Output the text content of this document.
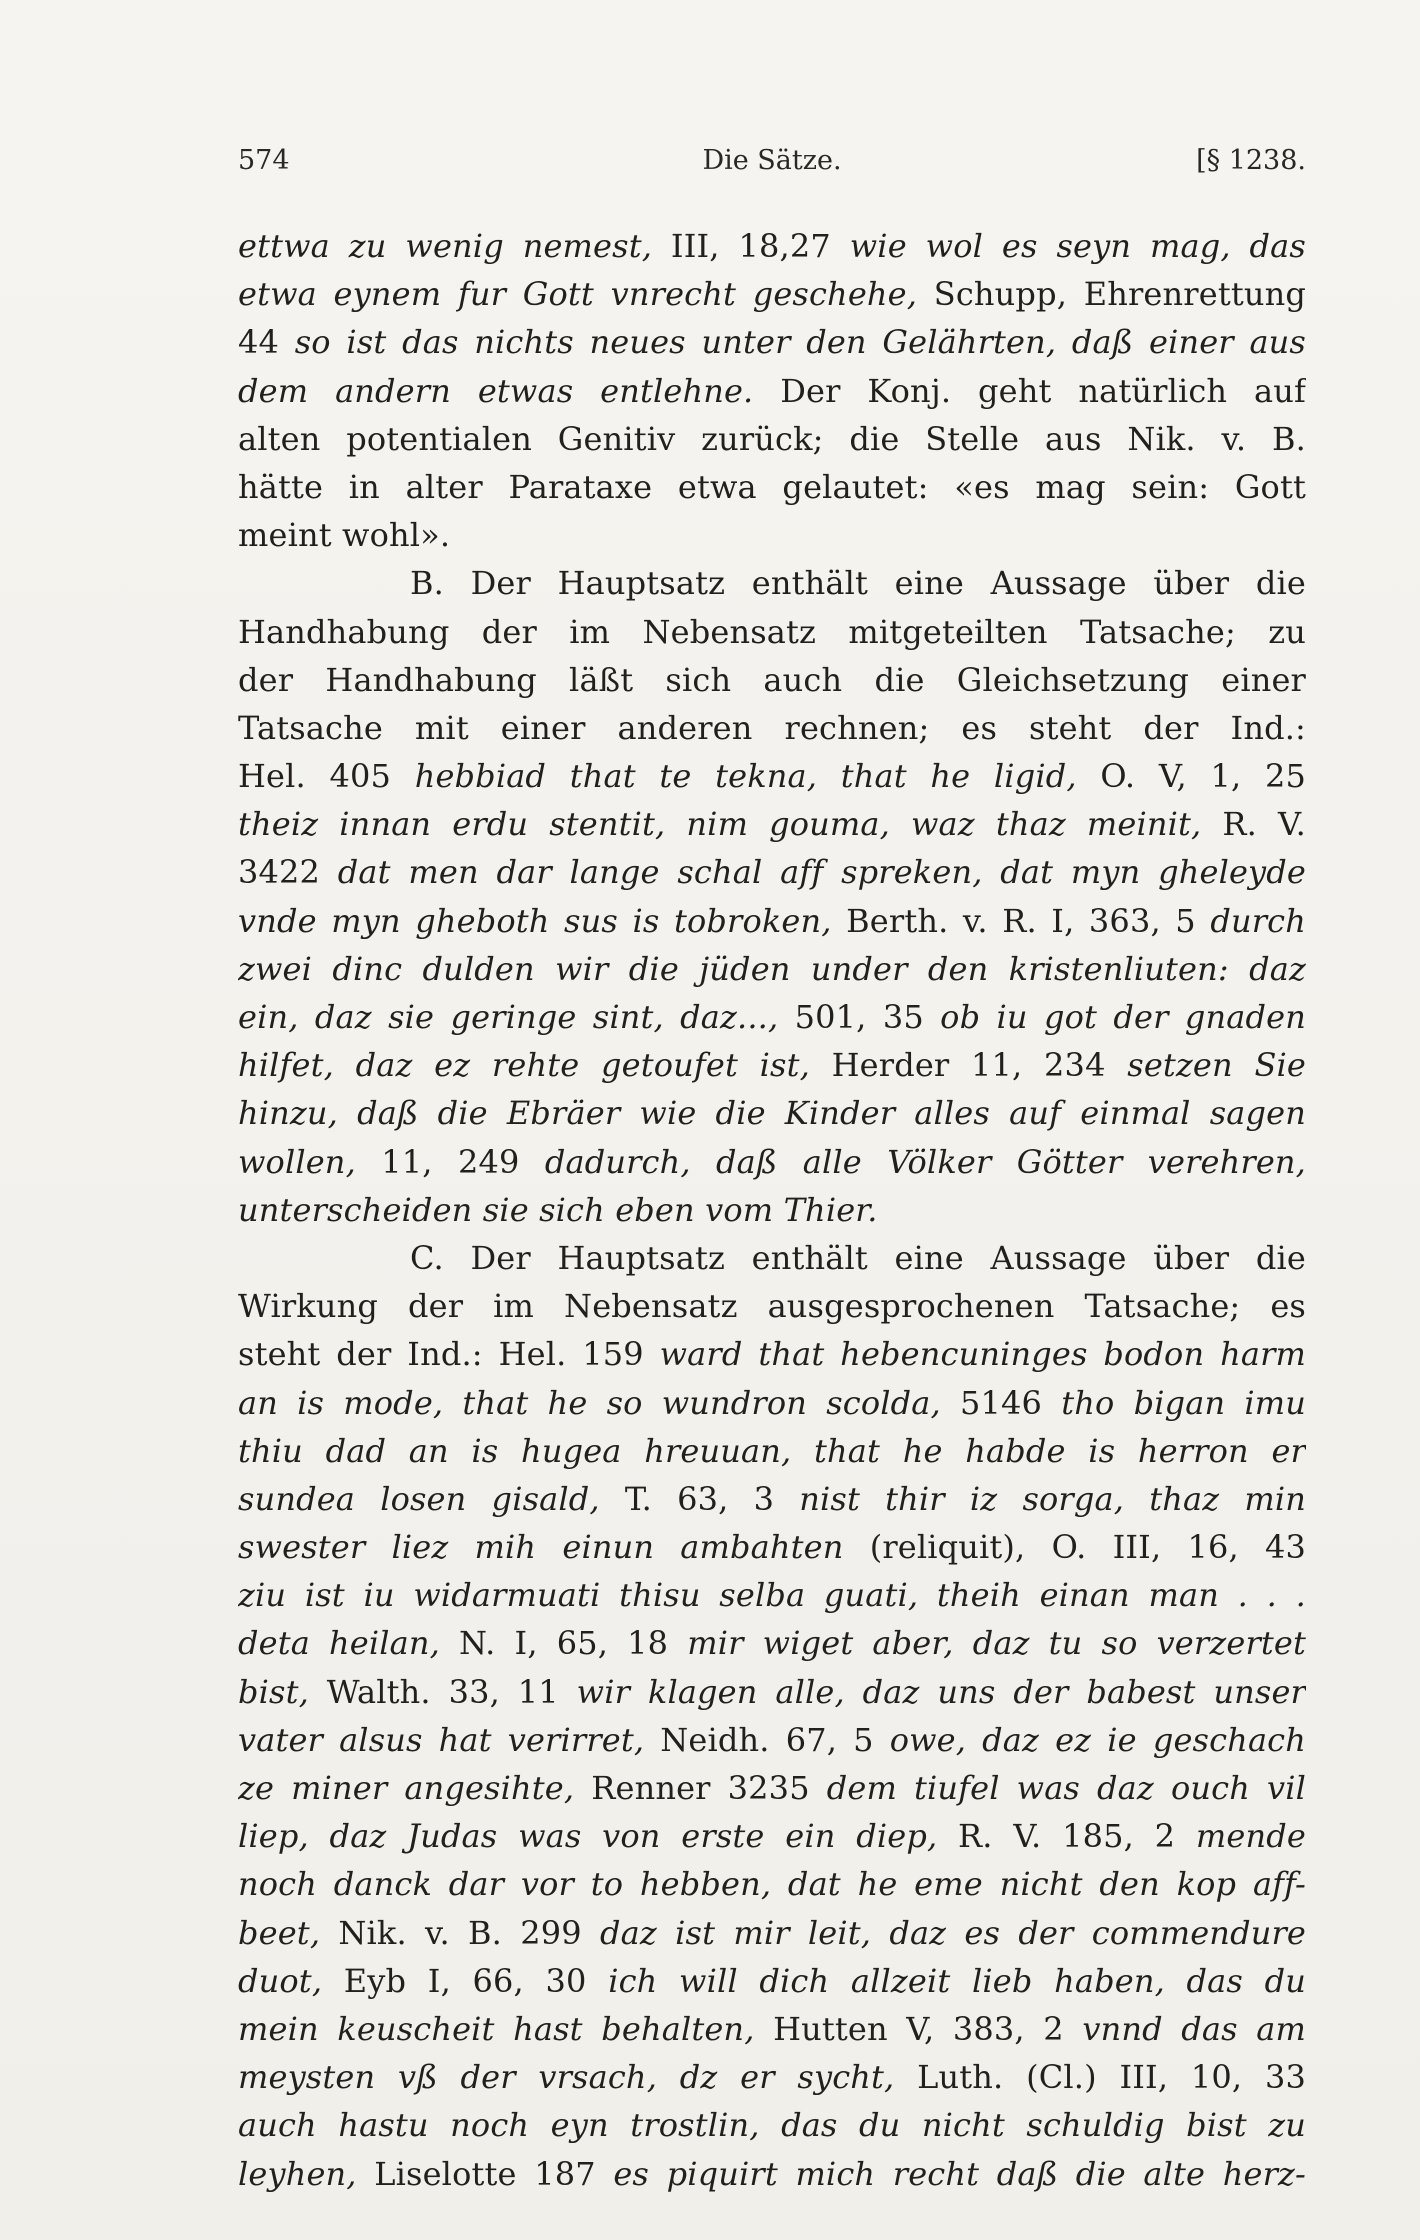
574	Die Sätze.	[§ 1238.
ettwa zu wenig nemest, III, 18,27 wie wol es seyn mag, das
etwa eynem fur Gott vnrecht geschehe, Schupp, Ehrenrettung
44 so ist das nichts neues unter den Gelährten, daß einer aus
dem andern etwas entlehne. Der Konj. geht natürlich auf
alten potentialen Genitiv zurück; die Stelle aus Nik. v. B.
hätte in alter Parataxe etwa gelautet: «es mag sein: Gott
meint wohl».
B. Der Hauptsatz enthält eine Aussage über die
Handhabung der im Nebensatz mitgeteilten Tatsache; zu
der Handhabung läßt sich auch die Gleichsetzung einer
Tatsache mit einer anderen rechnen; es steht der Ind.:
Hel. 405 hebbiad that te tekna, that he ligid, O. V, 1, 25
theiz innan erdu stentit, nim gouma, waz thaz meinit, R. V.
3422 dat men dar lange schal aff spreken, dat myn gheleyde
vnde myn gheboth sus is tobroken, Berth. v. R. I, 363, 5 durch
zwei dinc dulden wir die jüden under den kristenliuten: daz
ein, daz sie geringe sint, daz..., 501, 35 ob iu got der gnaden
hilfet, daz ez rehte getoufet ist, Herder 11, 234 setzen Sie
hinzu, daß die Ebräer wie die Kinder alles auf einmal sagen
wollen, 11, 249 dadurch, daß alle Völker Götter verehren,
unterscheiden sie sich eben vom Thier.
C. Der Hauptsatz enthält eine Aussage über die
Wirkung der im Nebensatz ausgesprochenen Tatsache; es
steht der Ind.: Hel. 159 ward that hebencuninges bodon harm
an is mode, that he so wundron scolda, 5146 tho bigan imu
thiu dad an is hugea hreuuan, that he habde is herron er
sundea losen gisald, T. 63, 3 nist thir iz sorga, thaz min
swester liez mih einun ambahten (reliquit), O. III, 16, 43
ziu ist iu widarmuati thisu selba guati, theih einan man . . .
deta heilan, N. I, 65, 18 mir wiget aber, daz tu so verzertet
bist, Walth. 33, 11 wir klagen alle, daz uns der babest unser
vater alsus hat verirret, Neidh. 67, 5 owe, daz ez ie geschach
ze miner angesihte, Renner 3235 dem tiufel was daz ouch vil
liep, daz Judas was von erste ein diep, R. V. 185, 2 mende
noch danck dar vor to hebben, dat he eme nicht den kop aff-
beet, Nik. v. B. 299 daz ist mir leit, daz es der commendure
duot, Eyb I, 66, 30 ich will dich allzeit lieb haben, das du
mein keuscheit hast behalten, Hutten V, 383, 2 vnnd das am
meysten vß der vrsach, dz er sycht, Luth. (Cl.) III, 10, 33
auch hastu noch eyn trostlin, das du nicht schuldig bist zu
leyhen, Liselotte 187 es piquirt mich recht daß die alte herz-
